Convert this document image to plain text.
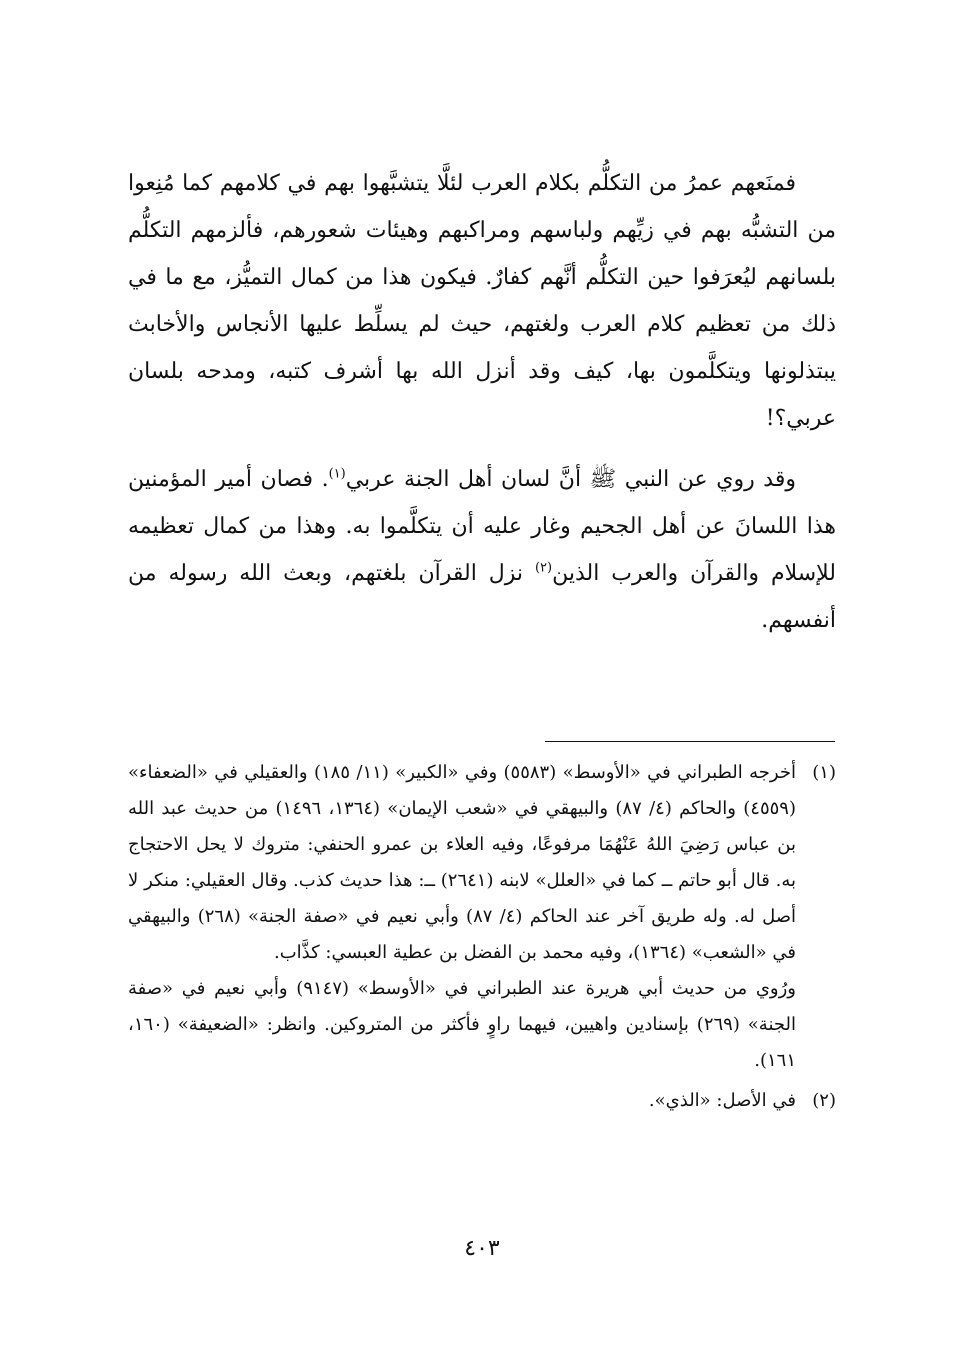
فمنَعهم عمرُ من التكلُّم بكلام العرب لئلَّا يتشبَّهوا بهم في كلامهم كما مُنِعوا من التشبُّه بهم في زيِّهم ولباسهم ومراكبهم وهيئات شعورهم، فألزمهم التكلُّم بلسانهم ليُعرَفوا حين التكلُّم أنَّهم كفارٌ. فيكون هذا من كمال التميُّز، مع ما في ذلك من تعظيم كلام العرب ولغتهم، حيث لم يسلِّط عليها الأنجاس والأخابث يبتذلونها ويتكلَّمون بها، كيف وقد أنزل الله بها أشرف كتبه، ومدحه بلسان عربي؟!

وقد روي عن النبي ﷺ أنَّ لسان أهل الجنة عربي$^{(١)}$. فصان أمير المؤمنين هذا اللسانَ عن أهل الجحيم وغار عليه أن يتكلَّموا به. وهذا من كمال تعظيمه للإسلام والقرآن والعرب الذين$^{(٢)}$ نزل القرآن بلغتهم، وبعث الله رسوله من أنفسهم.

(١)

أخرجه الطبراني في «الأوسط» (٥٥٨٣) وفي «الكبير» (١١/ ١٨٥) والعقيلي في «الضعفاء» (٤٥٥٩) والحاكم (٤/ ٨٧) والبيهقي في «شعب الإيمان» (١٣٦٤، ١٤٩٦) من حديث عبد الله بن عباس رَضِيَ اللهُ عَنْهُمَا مرفوعًا، وفيه العلاء بن عمرو الحنفي: متروك لا يحل الاحتجاج به. قال أبو حاتم ــ كما في «العلل» لابنه (٢٦٤١) ــ: هذا حديث كذب. وقال العقيلي: منكر لا أصل له. وله طريق آخر عند الحاكم (٤/ ٨٧) وأبي نعيم في «صفة الجنة» (٢٦٨) والبيهقي في «الشعب» (١٣٦٤)، وفيه محمد بن الفضل بن عطية العبسي: كذَّاب.

ورُوي من حديث أبي هريرة عند الطبراني في «الأوسط» (٩١٤٧) وأبي نعيم في «صفة الجنة» (٢٦٩) بإسنادين واهيين، فيهما راوٍ فأكثر من المتروكين. وانظر: «الضعيفة» (١٦٠، ١٦١).

(٢)

في الأصل: «الذي».

٤٠٣
